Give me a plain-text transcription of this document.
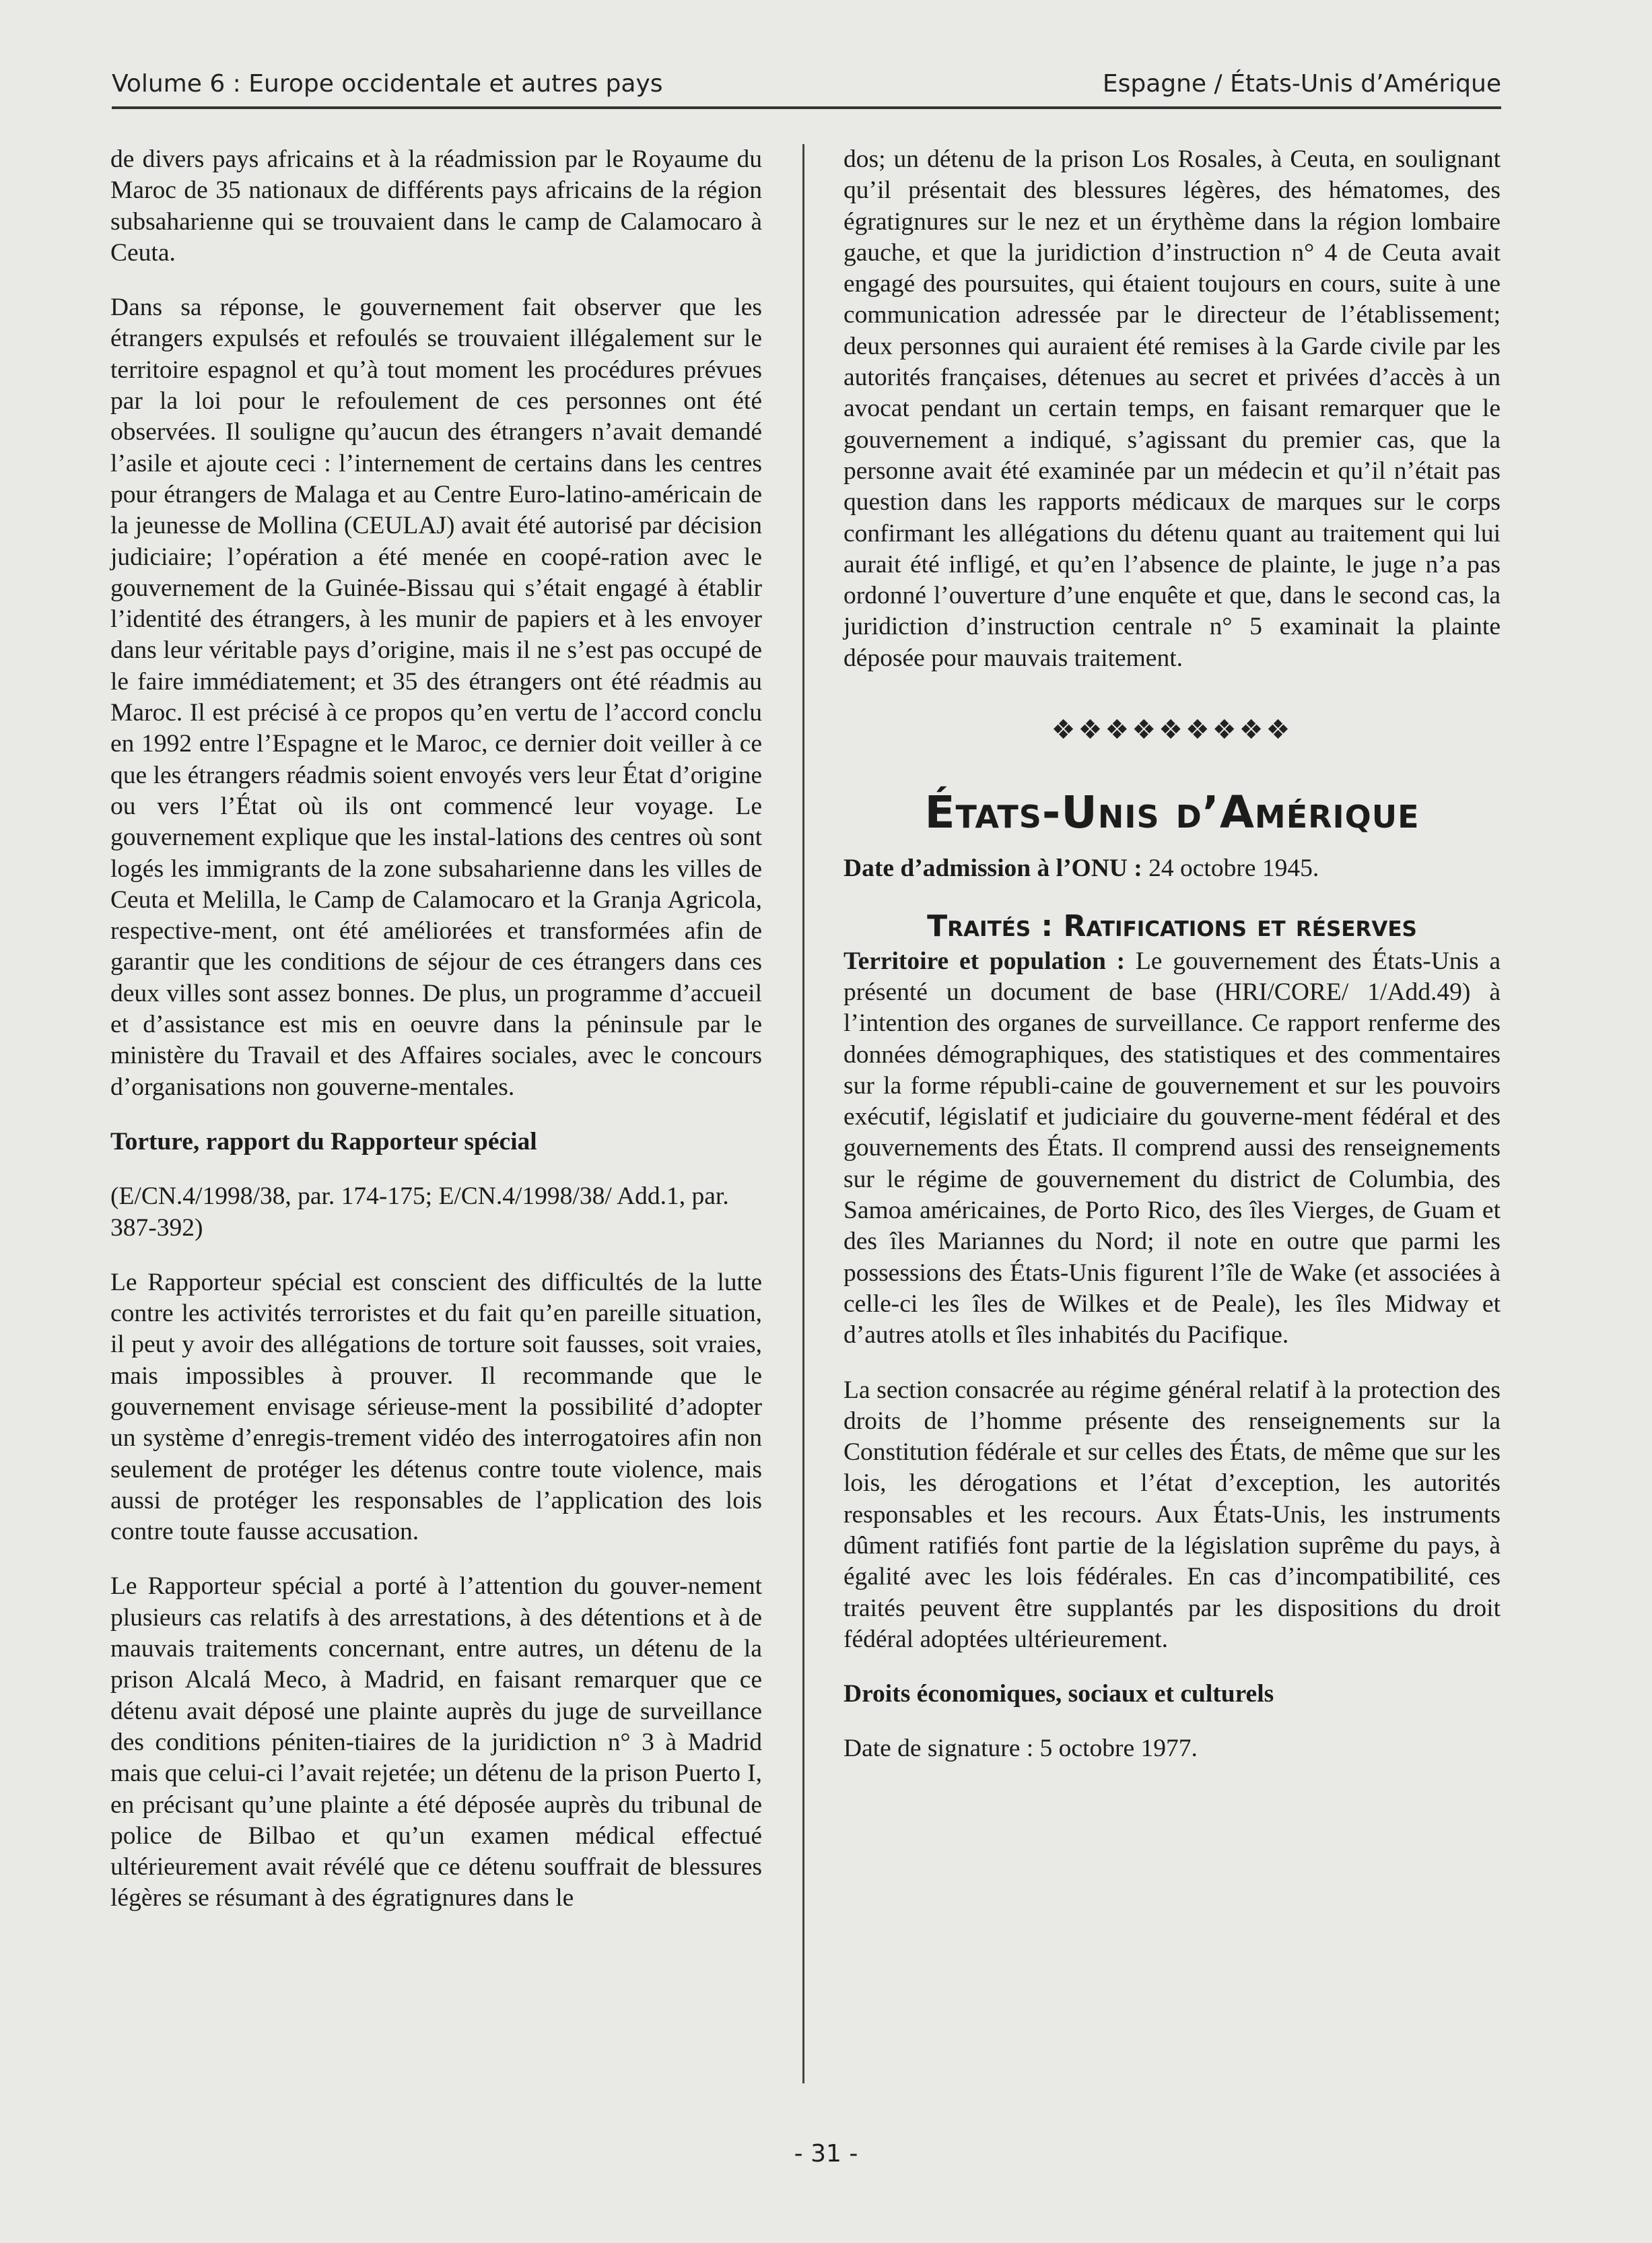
Volume 6 : Europe occidentale et autres pays	Espagne / États-Unis d’Amérique

de divers pays africains et à la réadmission par le Royaume du Maroc de 35 nationaux de différents pays africains de la région subsaharienne qui se trouvaient dans le camp de Calamocaro à Ceuta.

Dans sa réponse, le gouvernement fait observer que les étrangers expulsés et refoulés se trouvaient illégalement sur le territoire espagnol et qu’à tout moment les procédures prévues par la loi pour le refoulement de ces personnes ont été observées. Il souligne qu’aucun des étrangers n’avait demandé l’asile et ajoute ceci : l’internement de certains dans les centres pour étrangers de Malaga et au Centre Euro-latino-américain de la jeunesse de Mollina (CEULAJ) avait été autorisé par décision judiciaire; l’opération a été menée en coopé-ration avec le gouvernement de la Guinée-Bissau qui s’était engagé à établir l’identité des étrangers, à les munir de papiers et à les envoyer dans leur véritable pays d’origine, mais il ne s’est pas occupé de le faire immédiatement; et 35 des étrangers ont été réadmis au Maroc. Il est précisé à ce propos qu’en vertu de l’accord conclu en 1992 entre l’Espagne et le Maroc, ce dernier doit veiller à ce que les étrangers réadmis soient envoyés vers leur État d’origine ou vers l’État où ils ont commencé leur voyage. Le gouvernement explique que les instal-lations des centres où sont logés les immigrants de la zone subsaharienne dans les villes de Ceuta et Melilla, le Camp de Calamocaro et la Granja Agricola, respective-ment, ont été améliorées et transformées afin de garantir que les conditions de séjour de ces étrangers dans ces deux villes sont assez bonnes. De plus, un programme d’accueil et d’assistance est mis en oeuvre dans la péninsule par le ministère du Travail et des Affaires sociales, avec le concours d’organisations non gouverne-mentales.

Torture, rapport du Rapporteur spécial

(E/CN.4/1998/38, par. 174-175; E/CN.4/1998/38/ Add.1, par. 387-392)

Le Rapporteur spécial est conscient des difficultés de la lutte contre les activités terroristes et du fait qu’en pareille situation, il peut y avoir des allégations de torture soit fausses, soit vraies, mais impossibles à prouver. Il recommande que le gouvernement envisage sérieuse-ment la possibilité d’adopter un système d’enregis-trement vidéo des interrogatoires afin non seulement de protéger les détenus contre toute violence, mais aussi de protéger les responsables de l’application des lois contre toute fausse accusation.

Le Rapporteur spécial a porté à l’attention du gouver-nement plusieurs cas relatifs à des arrestations, à des détentions et à de mauvais traitements concernant, entre autres, un détenu de la prison Alcalá Meco, à Madrid, en faisant remarquer que ce détenu avait déposé une plainte auprès du juge de surveillance des conditions péniten-tiaires de la juridiction n° 3 à Madrid mais que celui-ci l’avait rejetée; un détenu de la prison Puerto I, en précisant qu’une plainte a été déposée auprès du tribunal de police de Bilbao et qu’un examen médical effectué ultérieurement avait révélé que ce détenu souffrait de blessures légères se résumant à des égratignures dans le

dos; un détenu de la prison Los Rosales, à Ceuta, en soulignant qu’il présentait des blessures légères, des hématomes, des égratignures sur le nez et un érythème dans la région lombaire gauche, et que la juridiction d’instruction n° 4 de Ceuta avait engagé des poursuites, qui étaient toujours en cours, suite à une communication adressée par le directeur de l’établissement; deux personnes qui auraient été remises à la Garde civile par les autorités françaises, détenues au secret et privées d’accès à un avocat pendant un certain temps, en faisant remarquer que le gouvernement a indiqué, s’agissant du premier cas, que la personne avait été examinée par un médecin et qu’il n’était pas question dans les rapports médicaux de marques sur le corps confirmant les allégations du détenu quant au traitement qui lui aurait été infligé, et qu’en l’absence de plainte, le juge n’a pas ordonné l’ouverture d’une enquête et que, dans le second cas, la juridiction d’instruction centrale n° 5 examinait la plainte déposée pour mauvais traitement.

❖❖❖❖❖❖❖❖❖
États-Unis d’Amérique

Date d’admission à l’ONU : 24 octobre 1945.

Traités : Ratifications et réserves

Territoire et population : Le gouvernement des États-Unis a présenté un document de base (HRI/CORE/ 1/Add.49) à l’intention des organes de surveillance. Ce rapport renferme des données démographiques, des statistiques et des commentaires sur la forme républi-caine de gouvernement et sur les pouvoirs exécutif, législatif et judiciaire du gouverne-ment fédéral et des gouvernements des États. Il comprend aussi des renseignements sur le régime de gouvernement du district de Columbia, des Samoa américaines, de Porto Rico, des îles Vierges, de Guam et des îles Mariannes du Nord; il note en outre que parmi les possessions des États-Unis figurent l’île de Wake (et associées à celle-ci les îles de Wilkes et de Peale), les îles Midway et d’autres atolls et îles inhabités du Pacifique.

La section consacrée au régime général relatif à la protection des droits de l’homme présente des renseignements sur la Constitution fédérale et sur celles des États, de même que sur les lois, les dérogations et l’état d’exception, les autorités responsables et les recours. Aux États-Unis, les instruments dûment ratifiés font partie de la législation suprême du pays, à égalité avec les lois fédérales. En cas d’incompatibilité, ces traités peuvent être supplantés par les dispositions du droit fédéral adoptées ultérieurement.

Droits économiques, sociaux et culturels

Date de signature : 5 octobre 1977.

- 31 -
